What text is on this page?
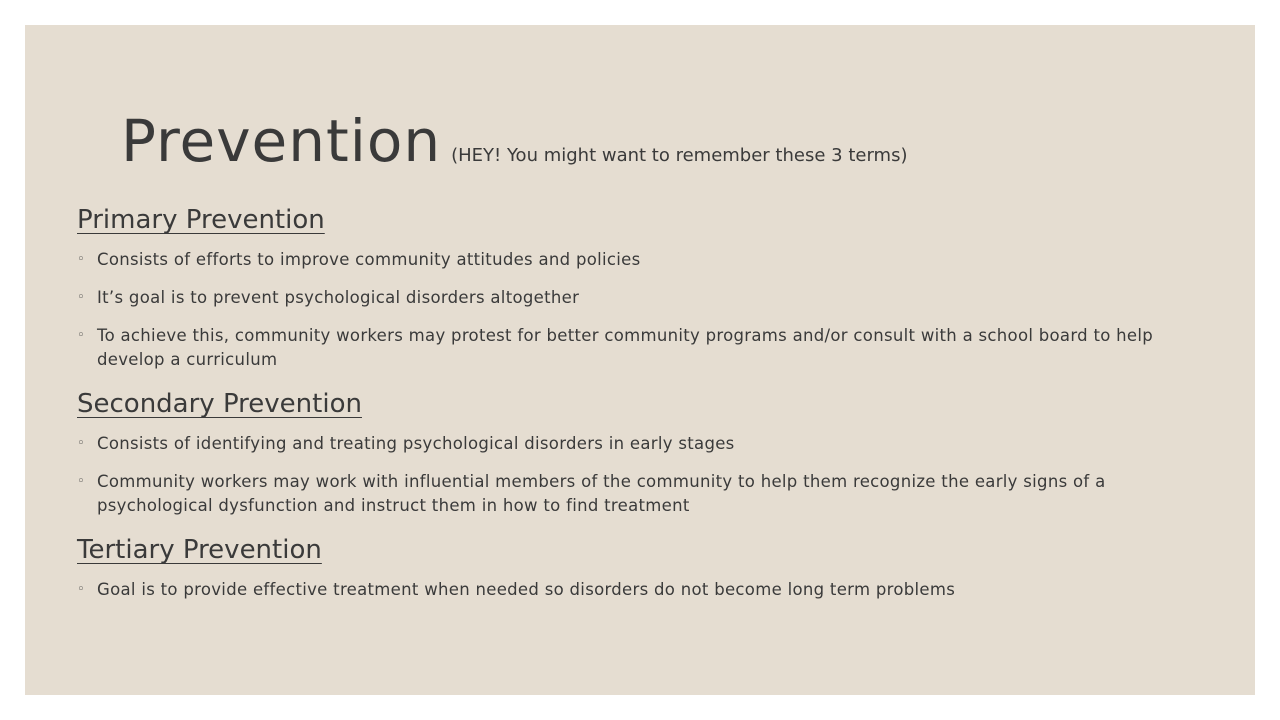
Prevention (HEY! You might want to remember these 3 terms)
Primary Prevention
◦ Consists of efforts to improve community attitudes and policies
◦ It’s goal is to prevent psychological disorders altogether
◦ To achieve this, community workers may protest for better community programs and/or consult with a school board to help develop a curriculum
Secondary Prevention
◦ Consists of identifying and treating psychological disorders in early stages
◦ Community workers may work with influential members of the community to help them recognize the early signs of a psychological dysfunction and instruct them in how to find treatment
Tertiary Prevention
◦ Goal is to provide effective treatment when needed so disorders do not become long term problems
